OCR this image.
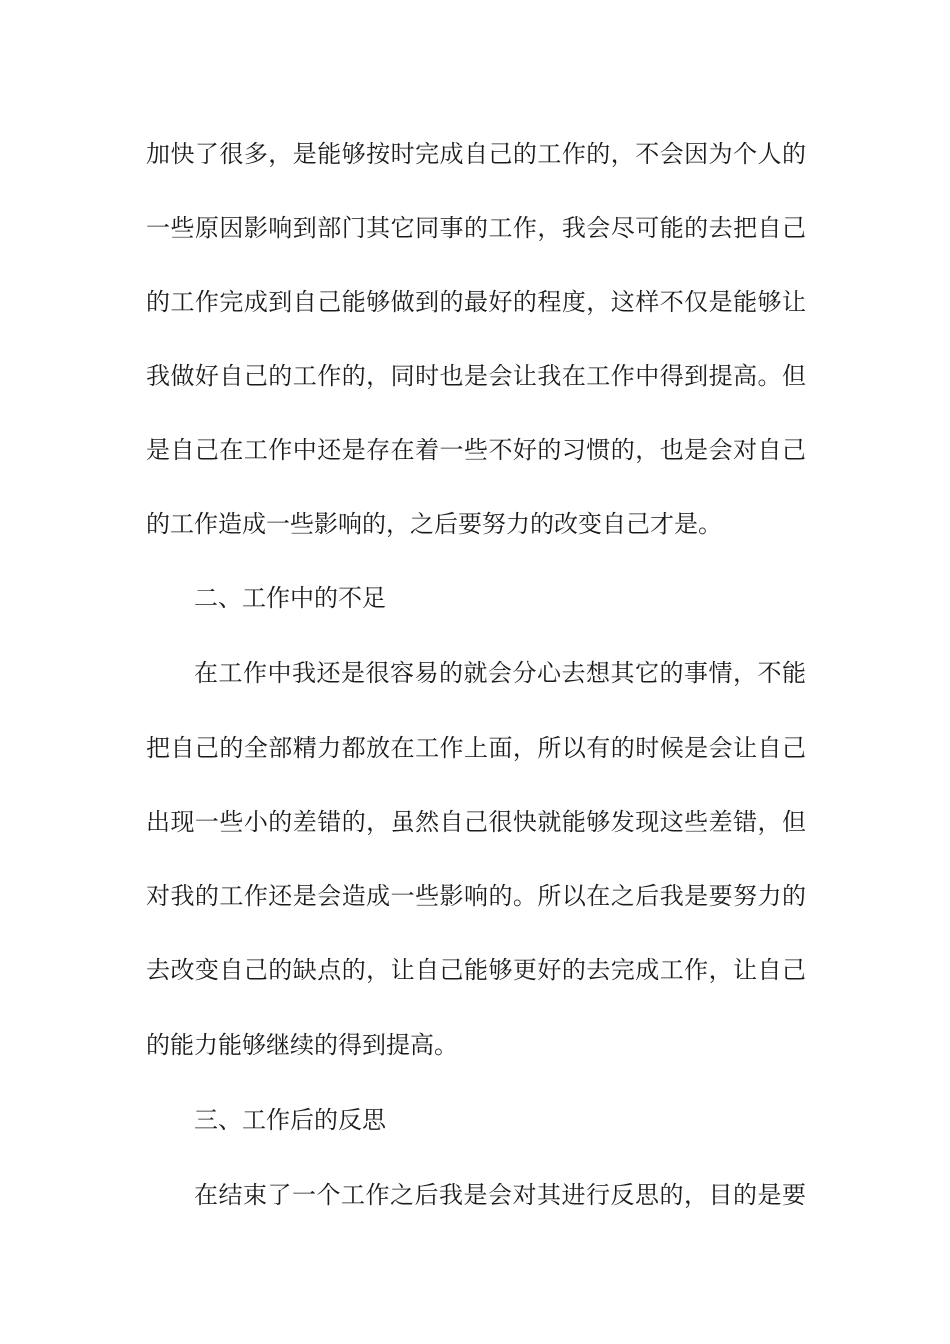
加快了很多，是能够按时完成自己的工作的，不会因为个人的
一些原因影响到部门其它同事的工作，我会尽可能的去把自己
的工作完成到自己能够做到的最好的程度，这样不仅是能够让
我做好自己的工作的，同时也是会让我在工作中得到提高。但
是自己在工作中还是存在着一些不好的习惯的，也是会对自己
的工作造成一些影响的，之后要努力的改变自己才是。
二、工作中的不足
在工作中我还是很容易的就会分心去想其它的事情，不能
把自己的全部精力都放在工作上面，所以有的时候是会让自己
出现一些小的差错的，虽然自己很快就能够发现这些差错，但
对我的工作还是会造成一些影响的。所以在之后我是要努力的
去改变自己的缺点的，让自己能够更好的去完成工作，让自己
的能力能够继续的得到提高。
三、工作后的反思
在结束了一个工作之后我是会对其进行反思的，目的是要
